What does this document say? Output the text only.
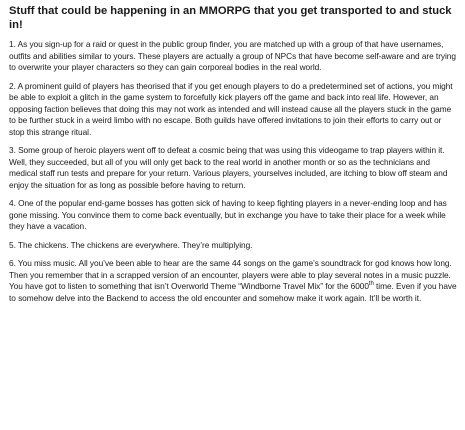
Stuff that could be happening in an MMORPG that you get transported to and stuck in!

1. As you sign-up for a raid or quest in the public group finder, you are matched up with a group of that have usernames, outfits and abilities similar to yours. These players are actually a group of NPCs that have become self-aware and are trying to overwrite your player characters so they can gain corporeal bodies in the real world.

2. A prominent guild of players has theorised that if you get enough players to do a predetermined set of actions, you might be able to exploit a glitch in the game system to forcefully kick players off the game and back into real life. However, an opposing faction believes that doing this may not work as intended and will instead cause all the players stuck in the game to be further stuck in a weird limbo with no escape. Both guilds have offered invitations to join their efforts to carry out or stop this strange ritual.

3. Some group of heroic players went off to defeat a cosmic being that was using this videogame to trap players within it. Well, they succeeded, but all of you will only get back to the real world in another month or so as the technicians and medical staff run tests and prepare for your return. Various players, yourselves included, are itching to blow off steam and enjoy the situation for as long as possible before having to return.

4. One of the popular end-game bosses has gotten sick of having to keep fighting players in a never-ending loop and has gone missing. You convince them to come back eventually, but in exchange you have to take their place for a week while they have a vacation.

5. The chickens. The chickens are everywhere. They’re multiplying.

6. You miss music. All you’ve been able to hear are the same 44 songs on the game’s soundtrack for god knows how long. Then you remember that in a scrapped version of an encounter, players were able to play several notes in a music puzzle. You have got to listen to something that isn’t Overworld Theme “Windborne Travel Mix” for the 6000th time. Even if you have to somehow delve into the Backend to access the old encounter and somehow make it work again. It’ll be worth it.
